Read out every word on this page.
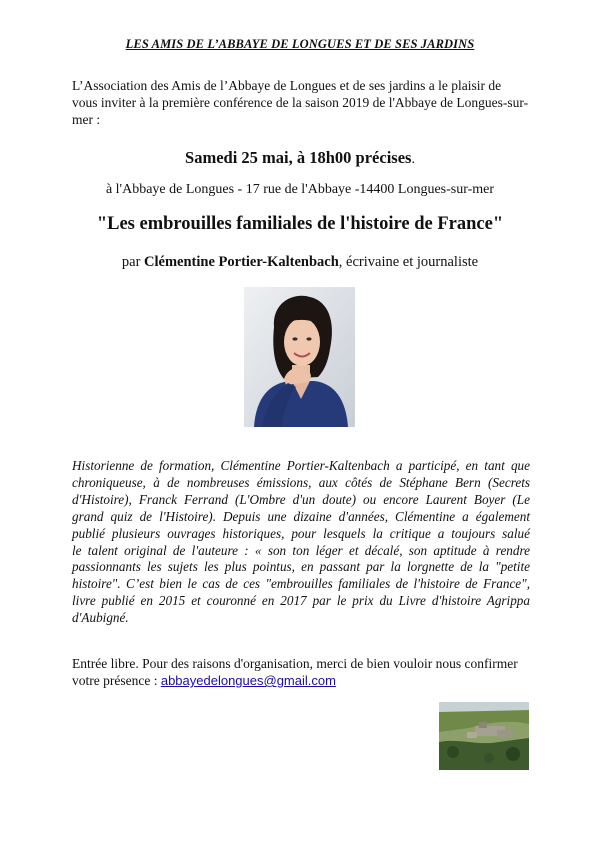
LES AMIS DE L’ABBAYE DE LONGUES ET DE SES JARDINS
L’Association des Amis de l’Abbaye de Longues et de ses jardins a le plaisir de vous inviter à la première conférence de la saison 2019 de l'Abbaye de Longues-sur-mer :
Samedi 25 mai, à 18h00 précises.
à l'Abbaye de Longues - 17 rue de l'Abbaye -14400 Longues-sur-mer
"Les embrouilles familiales de l'histoire de France"
par Clémentine Portier-Kaltenbach, écrivaine et journaliste
Historienne de formation, Clémentine Portier-Kaltenbach a participé, en tant que
chroniqueuse, à de nombreuses émissions, aux côtés de Stéphane Bern (Secrets
d'Histoire), Franck Ferrand (L'Ombre d'un doute) ou encore Laurent Boyer (Le
grand quiz de l'Histoire). Depuis une dizaine d'années, Clémentine a également
publié plusieurs ouvrages historiques, pour lesquels la critique a toujours salué
le talent original de l'auteure : « son ton léger et décalé, son aptitude à rendre
passionnants les sujets les plus pointus, en passant par la lorgnette de la "petite
histoire". C’est bien le cas de ces "embrouilles familiales de l'histoire de France",
livre publié en 2015 et couronné en 2017 par le prix du Livre d'histoire Agrippa
d'Aubigné.
Entrée libre. Pour des raisons d'organisation, merci de bien vouloir nous confirmer votre présence : abbayedelongues@gmail.com
